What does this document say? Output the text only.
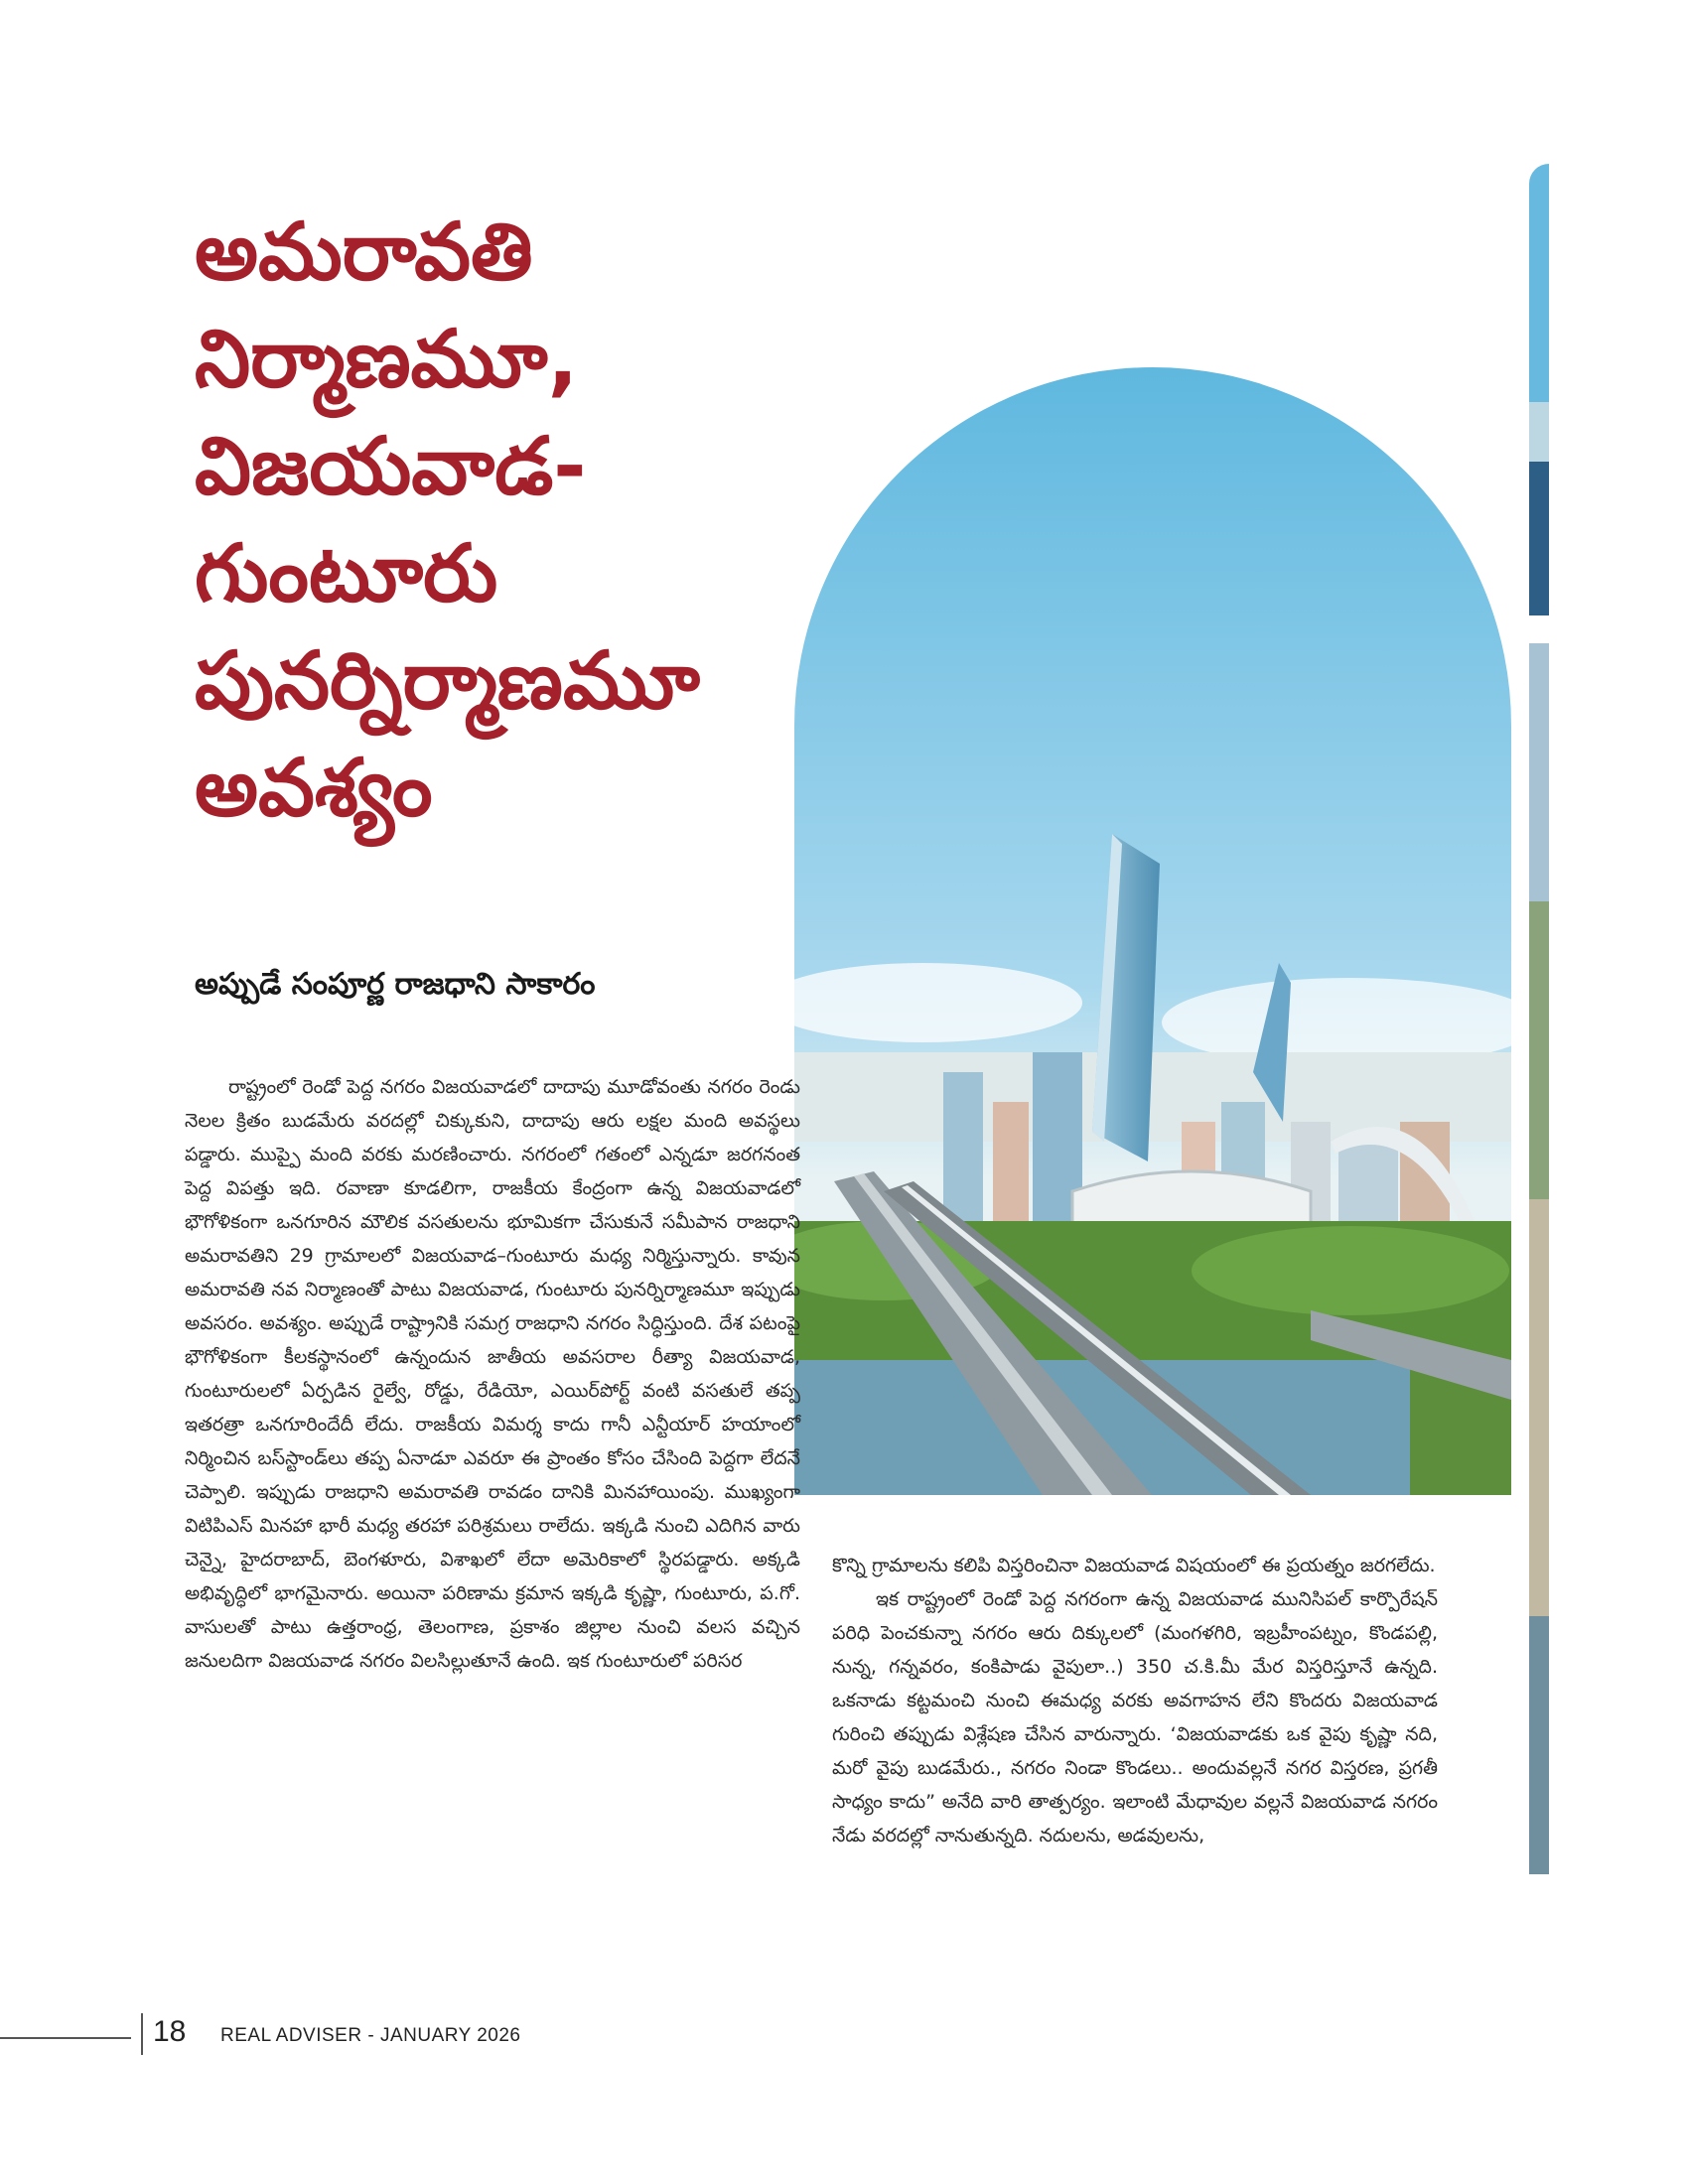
అమరావతి
నిర్మాణమూ,
విజయవాడ-
గుంటూరు
పునర్నిర్మాణమూ
అవశ్యం
అప్పుడే సంపూర్ణ రాజధాని సాకారం

రాష్ట్రంలో రెండో పెద్ద నగరం విజయవాడలో దాదాపు మూడోవంతు నగరం రెండు నెలల క్రితం బుడమేరు వరదల్లో చిక్కుకుని, దాదాపు ఆరు లక్షల మంది అవస్థలు పడ్డారు. ముప్పై మంది వరకు మరణించారు. నగరంలో గతంలో ఎన్నడూ జరగనంత పెద్ద విపత్తు ఇది. రవాణా కూడలిగా, రాజకీయ కేంద్రంగా ఉన్న విజయవాడలో భౌగోళికంగా ఒనగూరిన మౌలిక వసతులను భూమికగా చేసుకునే సమీపాన రాజధాని అమరావతిని 29 గ్రామాలలో విజయవాడ–గుంటూరు మధ్య నిర్మిస్తున్నారు. కావున అమరావతి నవ నిర్మాణంతో పాటు విజయవాడ, గుంటూరు పునర్నిర్మాణమూ ఇప్పుడు అవసరం. అవశ్యం. అప్పుడే రాష్ట్రానికి సమగ్ర రాజధాని నగరం సిద్ధిస్తుంది. దేశ పటంపై భౌగోళికంగా కీలకస్థానంలో ఉన్నందున జాతీయ అవసరాల రీత్యా విజయవాడ, గుంటూరులలో ఏర్పడిన రైల్వే, రోడ్డు, రేడియో, ఎయిర్‌పోర్ట్ వంటి వసతులే తప్ప ఇతరత్రా ఒనగూరిందేదీ లేదు. రాజకీయ విమర్శ కాదు గానీ ఎన్టీయార్ హయాంలో నిర్మించిన బస్‌స్టాండ్‌లు తప్ప ఏనాడూ ఎవరూ ఈ ప్రాంతం కోసం చేసింది పెద్దగా లేదనే చెప్పాలి. ఇప్పుడు రాజధాని అమరావతి రావడం దానికి మినహాయింపు. ముఖ్యంగా విటిపిఎస్ మినహా భారీ మధ్య తరహా పరిశ్రమలు రాలేదు. ఇక్కడి నుంచి ఎదిగిన వారు చెన్నై, హైదరాబాద్, బెంగళూరు, విశాఖలో లేదా అమెరికాలో స్థిరపడ్డారు. అక్కడి అభివృద్ధిలో భాగమైనారు. అయినా పరిణామ క్రమాన ఇక్కడి కృష్ణా, గుంటూరు, ప.గో. వాసులతో పాటు ఉత్తరాంధ్ర, తెలంగాణ, ప్రకాశం జిల్లాల నుంచి వలస వచ్చిన జనులదిగా విజయవాడ నగరం విలసిల్లుతూనే ఉంది. ఇక గుంటూరులో పరిసర

కొన్ని గ్రామాలను కలిపి విస్తరించినా విజయవాడ విషయంలో ఈ ప్రయత్నం జరగలేదు.

ఇక రాష్ట్రంలో రెండో పెద్ద నగరంగా ఉన్న విజయవాడ మునిసిపల్ కార్పొరేషన్ పరిధి పెంచకున్నా నగరం ఆరు దిక్కులలో (మంగళగిరి, ఇబ్రహీంపట్నం, కొండపల్లి, నున్న, గన్నవరం, కంకిపాడు వైపులా..) 350 చ.కి.మీ మేర విస్తరిస్తూనే ఉన్నది. ఒకనాడు కట్టమంచి నుంచి ఈమధ్య వరకు అవగాహన లేని కొందరు విజయవాడ గురించి తప్పుడు విశ్లేషణ చేసిన వారున్నారు. ‘విజయవాడకు ఒక వైపు కృష్ణా నది, మరో వైపు బుడమేరు., నగరం నిండా కొండలు.. అందువల్లనే నగర విస్తరణ, ప్రగతీ సాధ్యం కాదు” అనేది వారి తాత్పర్యం. ఇలాంటి మేధావుల వల్లనే విజయవాడ నగరం నేడు వరదల్లో నానుతున్నది. నదులను, అడవులను,

18 REAL ADVISER - JANUARY 2026
